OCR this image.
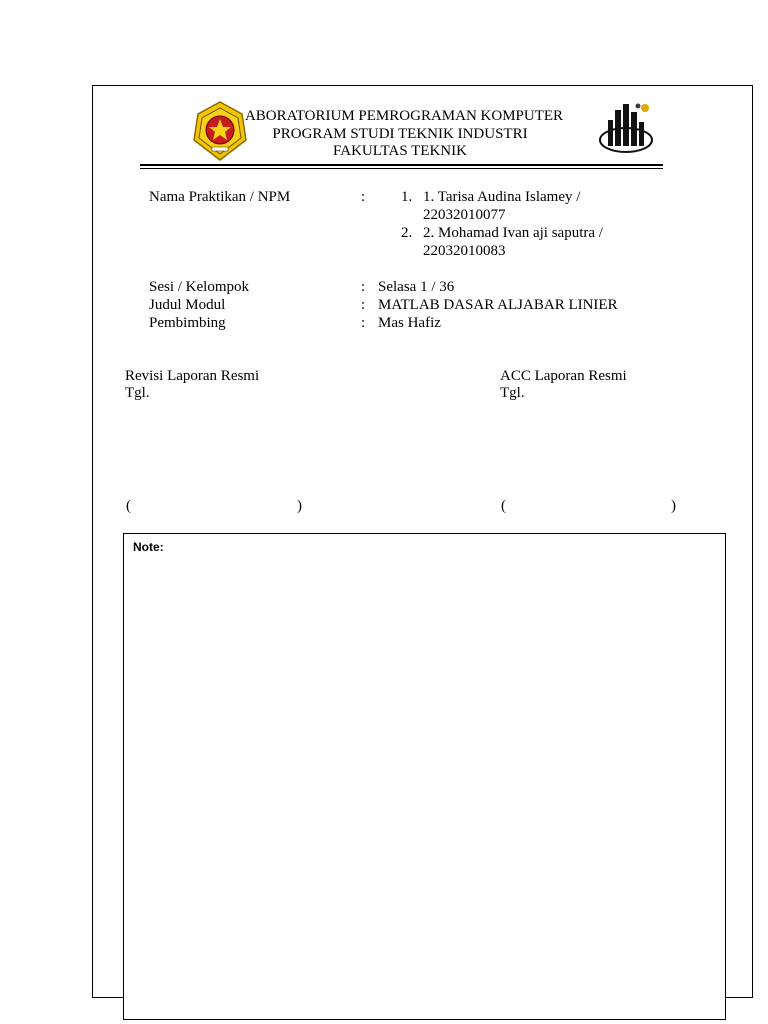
ABORATORIUM PEMROGRAMAN KOMPUTER
PROGRAM STUDI TEKNIK INDUSTRI
FAKULTAS TEKNIK
Nama Praktikan / NPM	: 1. 1. Tarisa Audina Islamey /
22032010077
2. 2. Mohamad Ivan aji saputra /
22032010083
Sesi / Kelompok	: Selasa 1 / 36
Judul Modul	: MATLAB DASAR ALJABAR LINIER
Pembimbing	: Mas Hafiz
Revisi Laporan Resmi
Tgl.
ACC Laporan Resmi
Tgl.
(	)	(	)
Note:
